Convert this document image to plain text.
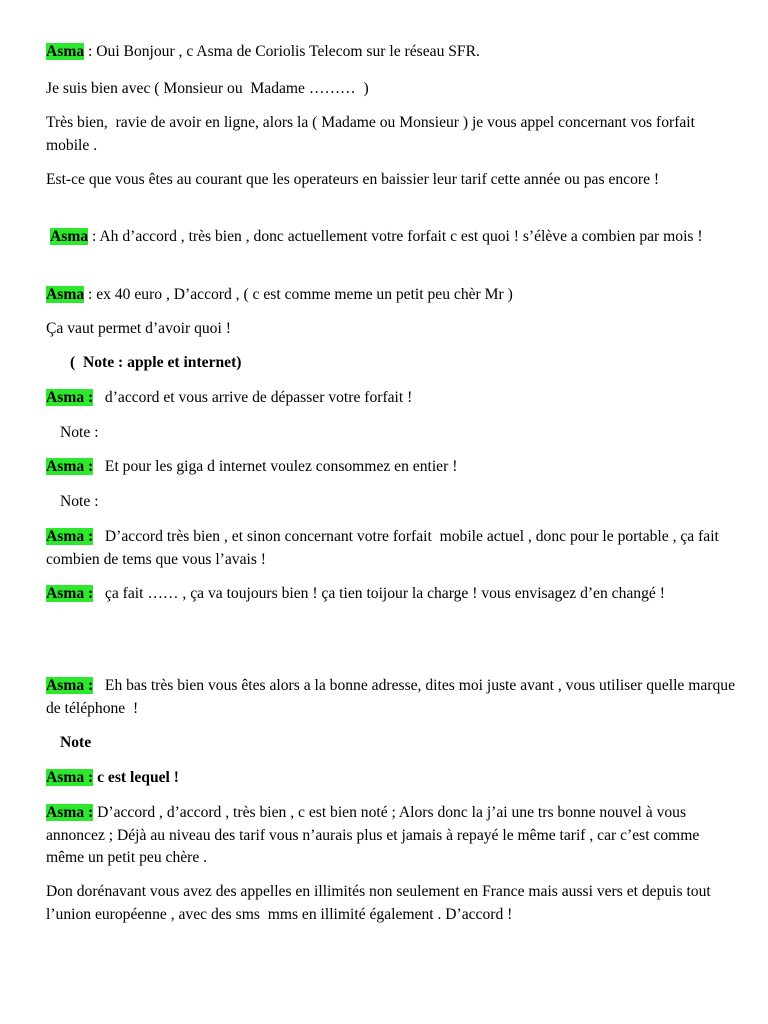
Asma : Oui Bonjour , c Asma de Coriolis Telecom sur le réseau SFR.
Je suis bien avec ( Monsieur ou  Madame ………  )
Très bien,  ravie de avoir en ligne, alors la ( Madame ou Monsieur ) je vous appel concernant vos forfait mobile .
Est-ce que vous êtes au courant que les operateurs en baissier leur tarif cette année ou pas encore !
Asma : Ah d’accord , très bien , donc actuellement votre forfait c est quoi ! s’élève a combien par mois !
Asma : ex 40 euro , D’accord , ( c est comme meme un petit peu chèr Mr )
Ça vaut permet d’avoir quoi !
(  Note : apple et internet)
Asma :   d’accord et vous arrive de dépasser votre forfait !
Note :
Asma :   Et pour les giga d internet voulez consommez en entier !
Note :
Asma :   D’accord très bien , et sinon concernant votre forfait  mobile actuel , donc pour le portable , ça fait combien de tems que vous l’avais !
Asma :   ça fait …… , ça va toujours bien ! ça tien toijour la charge ! vous envisagez d’en changé !
Asma :   Eh bas très bien vous êtes alors a la bonne adresse, dites moi juste avant , vous utiliser quelle marque de téléphone  !
Note
Asma : c est lequel !
Asma : D’accord , d’accord , très bien , c est bien noté ; Alors donc la j’ai une trs bonne nouvel à vous annoncez ; Déjà au niveau des tarif vous n’aurais plus et jamais à repayé le même tarif , car c’est comme même un petit peu chère .
Don dorénavant vous avez des appelles en illimités non seulement en France mais aussi vers et depuis tout l’union européenne , avec des sms  mms en illimité également . D’accord !
